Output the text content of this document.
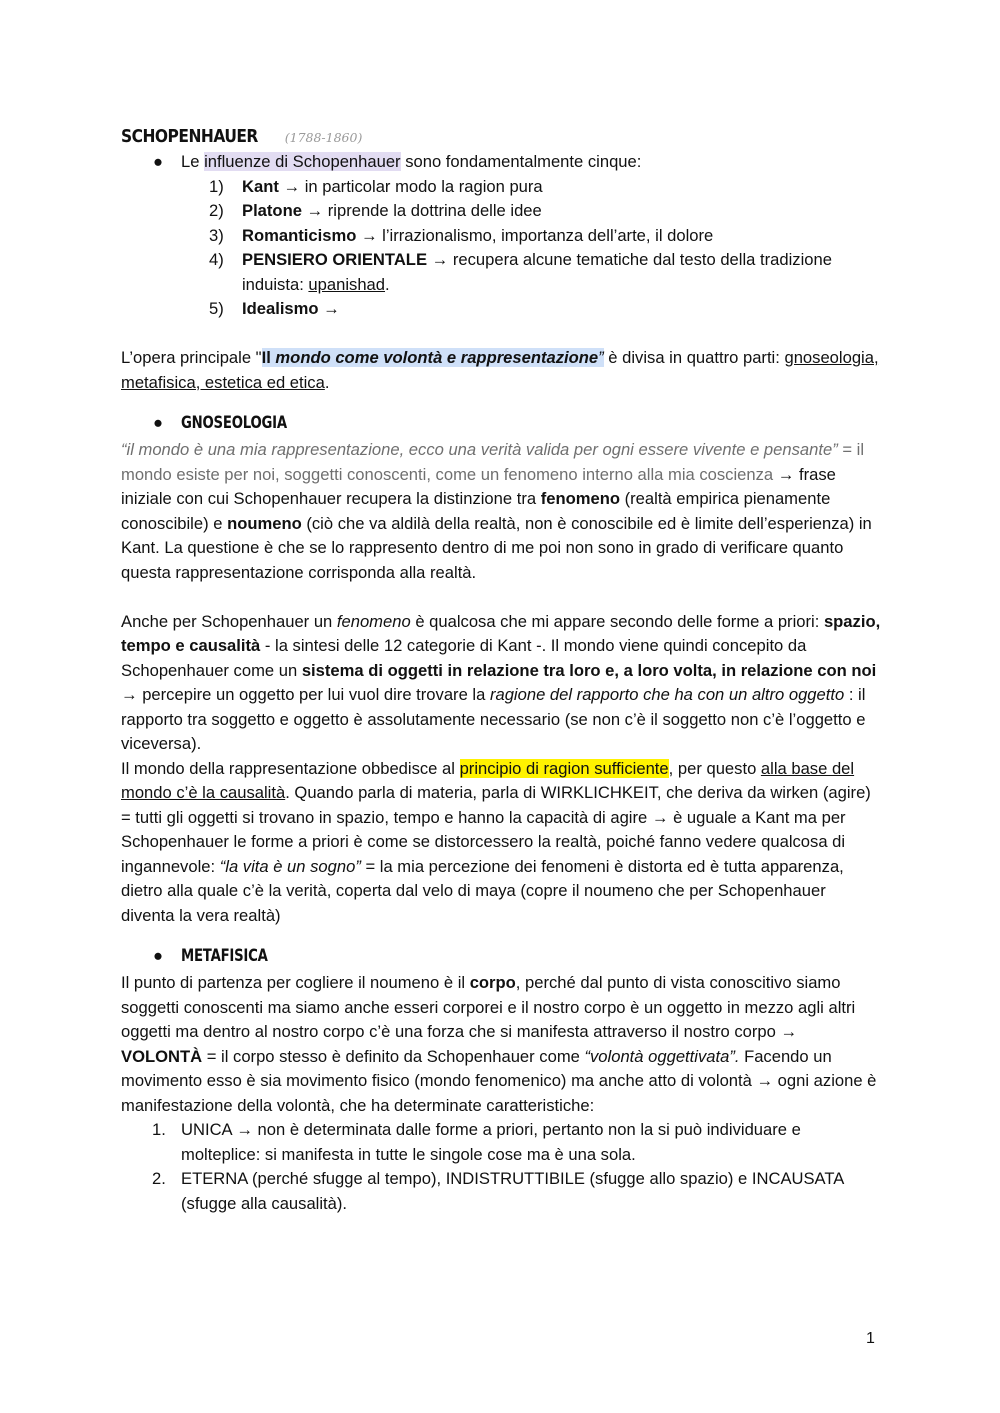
SCHOPENHAUER (1788-1860)
● Le influenze di Schopenhauer sono fondamentalmente cinque:
1) Kant → in particolar modo la ragion pura
2) Platone → riprende la dottrina delle idee
3) Romanticismo → l’irrazionalismo, importanza dell’arte, il dolore
4) PENSIERO ORIENTALE → recupera alcune tematiche dal testo della tradizione induista: upanishad.
5) Idealismo →

L’opera principale "Il mondo come volontà e rappresentazione” è divisa in quattro parti: gnoseologia, metafisica, estetica ed etica.

● GNOSEOLOGIA

“il mondo è una mia rappresentazione, ecco una verità valida per ogni essere vivente e pensante” = il mondo esiste per noi, soggetti conoscenti, come un fenomeno interno alla mia coscienza → frase iniziale con cui Schopenhauer recupera la distinzione tra fenomeno (realtà empirica pienamente conoscibile) e noumeno (ciò che va aldilà della realtà, non è conoscibile ed è limite dell’esperienza) in Kant. La questione è che se lo rappresento dentro di me poi non sono in grado di verificare quanto questa rappresentazione corrisponda alla realtà.

Anche per Schopenhauer un fenomeno è qualcosa che mi appare secondo delle forme a priori: spazio, tempo e causalità - la sintesi delle 12 categorie di Kant -. Il mondo viene quindi concepito da Schopenhauer come un sistema di oggetti in relazione tra loro e, a loro volta, in relazione con noi → percepire un oggetto per lui vuol dire trovare la ragione del rapporto che ha con un altro oggetto : il rapporto tra soggetto e oggetto è assolutamente necessario (se non c’è il soggetto non c’è l’oggetto e viceversa).

Il mondo della rappresentazione obbedisce al principio di ragion sufficiente, per questo alla base del mondo c’è la causalità. Quando parla di materia, parla di WIRKLICHKEIT, che deriva da wirken (agire) = tutti gli oggetti si trovano in spazio, tempo e hanno la capacità di agire → è uguale a Kant ma per Schopenhauer le forme a priori è come se distorcessero la realtà, poiché fanno vedere qualcosa di ingannevole: “la vita è un sogno” = la mia percezione dei fenomeni è distorta ed è tutta apparenza, dietro alla quale c’è la verità, coperta dal velo di maya (copre il noumeno che per Schopenhauer diventa la vera realtà)

● METAFISICA

Il punto di partenza per cogliere il noumeno è il corpo, perché dal punto di vista conoscitivo siamo soggetti conoscenti ma siamo anche esseri corporei e il nostro corpo è un oggetto in mezzo agli altri oggetti ma dentro al nostro corpo c’è una forza che si manifesta attraverso il nostro corpo → VOLONTÀ = il corpo stesso è definito da Schopenhauer come “volontà oggettivata”. Facendo un movimento esso è sia movimento fisico (mondo fenomenico) ma anche atto di volontà → ogni azione è manifestazione della volontà, che ha determinate caratteristiche:

1. UNICA → non è determinata dalle forme a priori, pertanto non la si può individuare e molteplice: si manifesta in tutte le singole cose ma è una sola.
2. ETERNA (perché sfugge al tempo), INDISTRUTTIBILE (sfugge allo spazio) e INCAUSATA (sfugge alla causalità).
1
